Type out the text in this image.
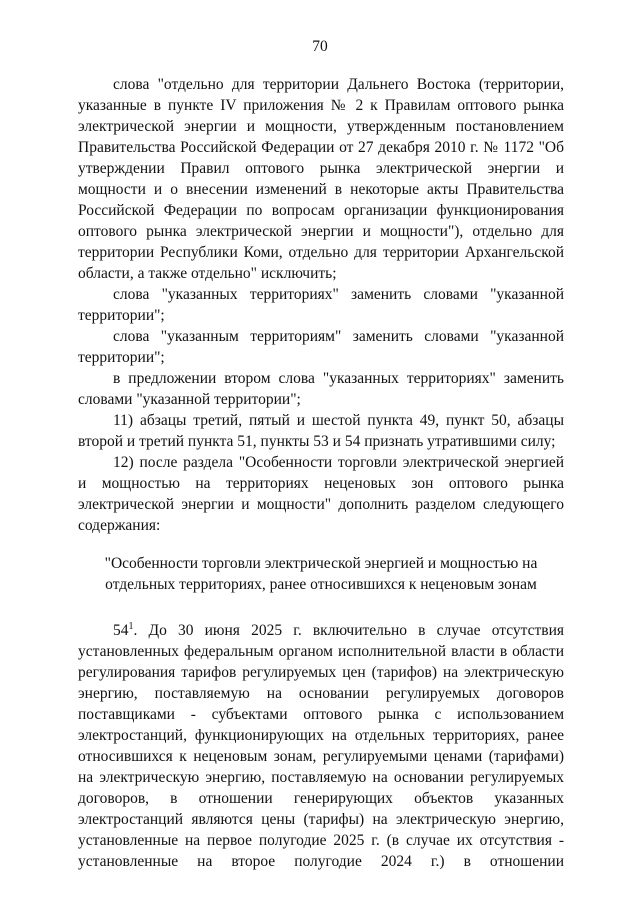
70

слова "отдельно для территории Дальнего Востока (территории, указанные в пункте IV приложения № 2 к Правилам оптового рынка электрической энергии и мощности, утвержденным постановлением Правительства Российской Федерации от 27 декабря 2010 г. № 1172 "Об утверждении Правил оптового рынка электрической энергии и мощности и о внесении изменений в некоторые акты Правительства Российской Федерации по вопросам организации функционирования оптового рынка электрической энергии и мощности"), отдельно для территории Республики Коми, отдельно для территории Архангельской области, а также отдельно" исключить;

слова "указанных территориях" заменить словами "указанной территории";

слова "указанным территориям" заменить словами "указанной территории";

в предложении втором слова "указанных территориях" заменить словами "указанной территории";

11) абзацы третий, пятый и шестой пункта 49, пункт 50, абзацы второй и третий пункта 51, пункты 53 и 54 признать утратившими силу;

12) после раздела "Особенности торговли электрической энергией и мощностью на территориях неценовых зон оптового рынка электрической энергии и мощности" дополнить разделом следующего содержания:

"Особенности торговли электрической энергией и мощностью на отдельных территориях, ранее относившихся к неценовым зонам

$54^1$. До 30 июня 2025 г. включительно в случае отсутствия установленных федеральным органом исполнительной власти в области регулирования тарифов регулируемых цен (тарифов) на электрическую энергию, поставляемую на основании регулируемых договоров поставщиками - субъектами оптового рынка с использованием электростанций, функционирующих на отдельных территориях, ранее относившихся к неценовым зонам, регулируемыми ценами (тарифами) на электрическую энергию, поставляемую на основании регулируемых договоров, в отношении генерирующих объектов указанных электростанций являются цены (тарифы) на электрическую энергию, установленные на первое полугодие 2025 г. (в случае их отсутствия - установленные на второе полугодие 2024 г.) в отношении
